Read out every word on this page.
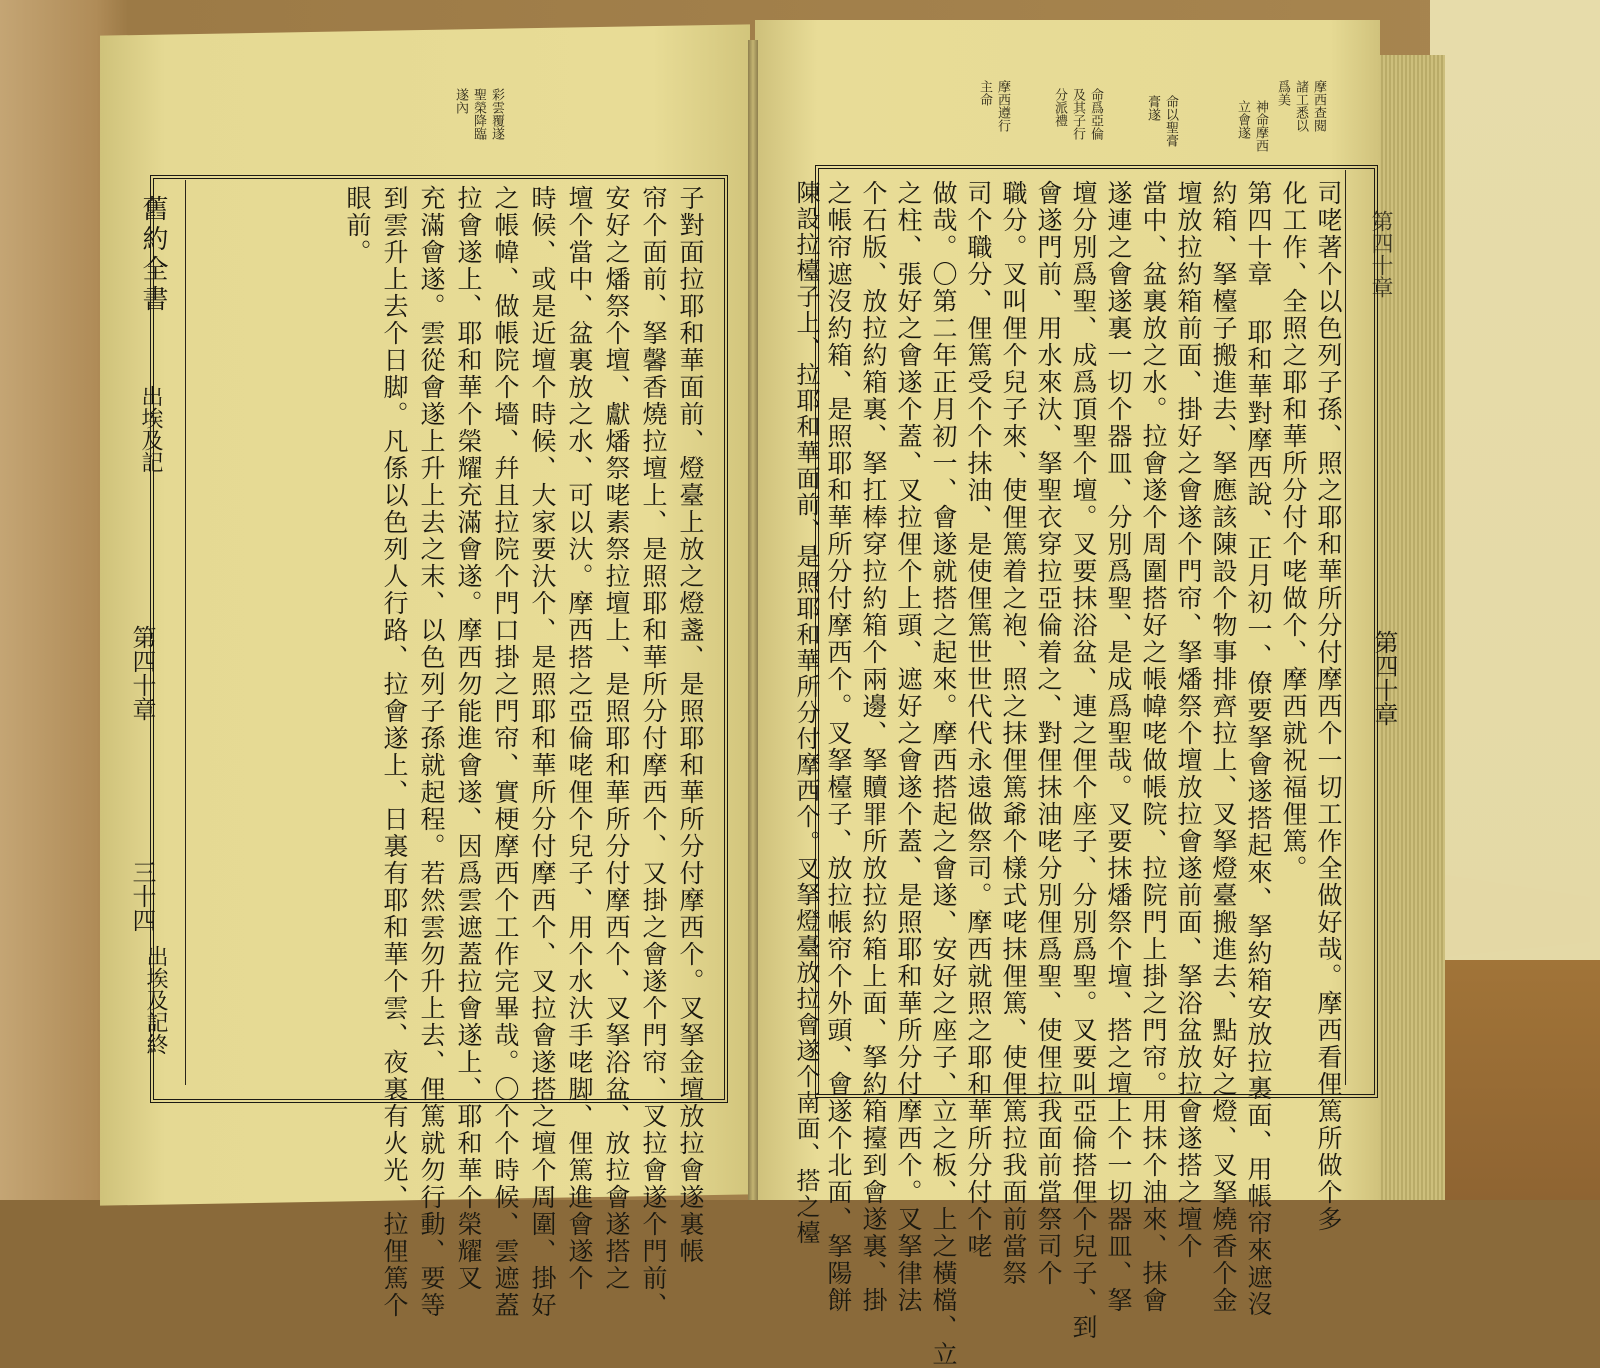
舊約全書
出埃及記
第四十章
三十四
出埃及記終
彩雲覆遂
聖榮降臨
遂內
子對面拉耶和華面前、燈臺上放之燈盞、是照耶和華所分付摩西个。叉拏金壇放拉會遂裏帳
帘个面前、拏馨香燒拉壇上、是照耶和華所分付摩西个、又掛之會遂个門帘、叉拉會遂个門前、
安好之燔祭个壇、獻燔祭咾素祭拉壇上、是照耶和華所分付摩西个、叉拏浴盆、放拉會遂搭之
壇个當中、盆裏放之水、可以汏。摩西搭之亞倫咾俚个兒子、用个水汏手咾脚、俚篤進會遂个
時候、或是近壇个時候、大家要汏个、是照耶和華所分付摩西个、叉拉會遂搭之壇个周圍、掛好
之帳幃、做帳院个墻、幷且拉院个門口掛之門帘、實梗摩西个工作完畢哉。〇个个時候、雲遮蓋
拉會遂上、耶和華个榮耀充滿會遂。摩西勿能進會遂、因爲雲遮蓋拉會遂上、耶和華个榮耀叉
充滿會遂。雲從會遂上升上去之末、以色列子孫就起程。若然雲勿升上去、俚篤就勿行動、要等
到雲升上去个日脚。凡係以色列人行路、拉會遂上、日裏有耶和華个雲、夜裏有火光、拉俚篤个
眼前。
第四十章
摩西查閱
諸工悉以
爲美
神命摩西
立會遂
命以聖膏
膏遂
命爲亞倫
及其子行
分派禮
摩西遵行
主命
司咾著个以色列子孫、照之耶和華所分付摩西个一切工作全做好哉。摩西看俚篤所做个多
化工作、全照之耶和華所分付个咾做个、摩西就祝福俚篤。
第四十章 耶和華對摩西說、正月初一、僚要拏會遂搭起來、拏約箱安放拉裏面、用帳帘來遮沒
約箱、拏檯子搬進去、拏應該陳設个物事排齊拉上、叉拏燈臺搬進去、點好之燈、叉拏燒香个金
壇放拉約箱前面、掛好之會遂个門帘、拏燔祭个壇放拉會遂前面、拏浴盆放拉會遂搭之壇个
當中、盆裏放之水。拉會遂个周圍搭好之帳幃咾做帳院、拉院門上掛之門帘。用抹个油來、抹會
遂連之會遂裏一切个器皿、分別爲聖、是成爲聖哉。叉要抹燔祭个壇、搭之壇上个一切器皿、拏
壇分別爲聖、成爲頂聖个壇。叉要抹浴盆、連之俚个座子、分別爲聖。叉要叫亞倫搭俚个兒子、到
會遂門前、用水來汏、拏聖衣穿拉亞倫着之、對俚抹油咾分別俚爲聖、使俚拉我面前當祭司个
職分。叉叫俚个兒子來、使俚篤着之袍、照之抹俚篤爺个樣式咾抹俚篤、使俚篤拉我面前當祭
司个職分、俚篤受个个抹油、是使俚篤世世代代永遠做祭司。摩西就照之耶和華所分付个咾
做哉。〇第二年正月初一、會遂就搭之起來。摩西搭起之會遂、安好之座子、立之板、上之橫檔、立
之柱、張好之會遂个蓋、叉拉俚个上頭、遮好之會遂个蓋、是照耶和華所分付摩西个。叉拏律法
个石版、放拉約箱裏、拏扛棒穿拉約箱个兩邊、拏贖罪所放拉約箱上面、拏約箱擡到會遂裏、掛
之帳帘遮沒約箱、是照耶和華所分付摩西个。叉拏檯子、放拉帳帘个外頭、會遂个北面、拏陽餅
陳設拉檯子上、拉耶和華面前、是照耶和華所分付摩西个。叉拏燈臺放拉會遂个南面、搭之檯	第四十章
